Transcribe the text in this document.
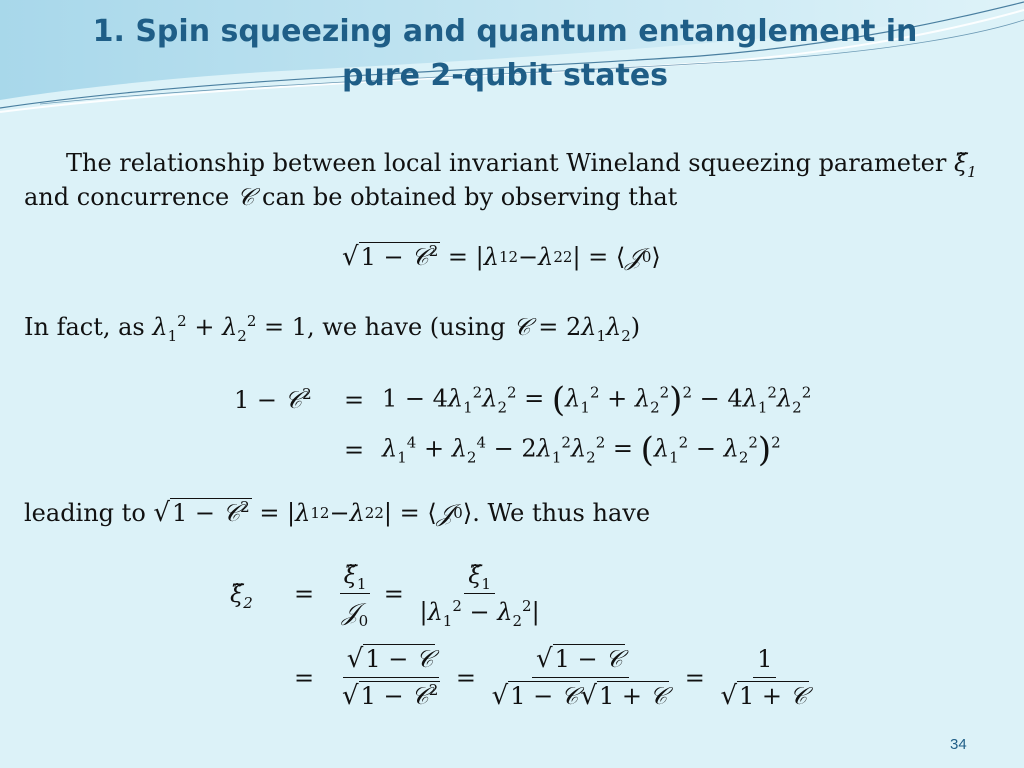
1. Spin squeezing and quantum entanglement in
pure 2-qubit states
The relationship between local invariant Wineland squeezing parameter $\xĩ_1$
and concurrence 𝒞 can be obtained by observing that
√ 1 − 𝒞$^2$ = | λ 1 2 − λ 2 2 | = ⟨ 𝒥 0 ⟩
In fact, as $\lambda_1^2 + \lambda_2^2 = 1$, we have (using 𝒞 = $2\lambda_1\lambda_2$)
1 − 𝒞$^2$	= $1 - 4\lambda_1^2\lambda_2^2 = (\lambda_1^2 + \lambda_2^2)^2 - 4\lambda_1^2\lambda_2^2$
= $\lambda_1^4 + \lambda_2^4 - 2\lambda_1^2\lambda_2^2 = (\lambda_1^2 - \lambda_2^2)^2$
leading to
√ 1 − 𝒞$^2$ = | λ 1 2 − λ 2 2 | = ⟨ 𝒥 0 ⟩ . We thus have
$\xĩ_2$	= $\frac{\xĩ_1}{𝒥_0} = \frac{\xĩ_1}{|\lambda_1^2 - \lambda_2^2|}$
= $\frac{\text{√ 1 − 𝒞}}{√ 1 - 𝒞^2} = \frac{\text{√ 1 − 𝒞}}{\text{√ 1 − 𝒞 √ 1 + 𝒞}} = \frac{1}{\text{√ 1 + 𝒞}}$
34
